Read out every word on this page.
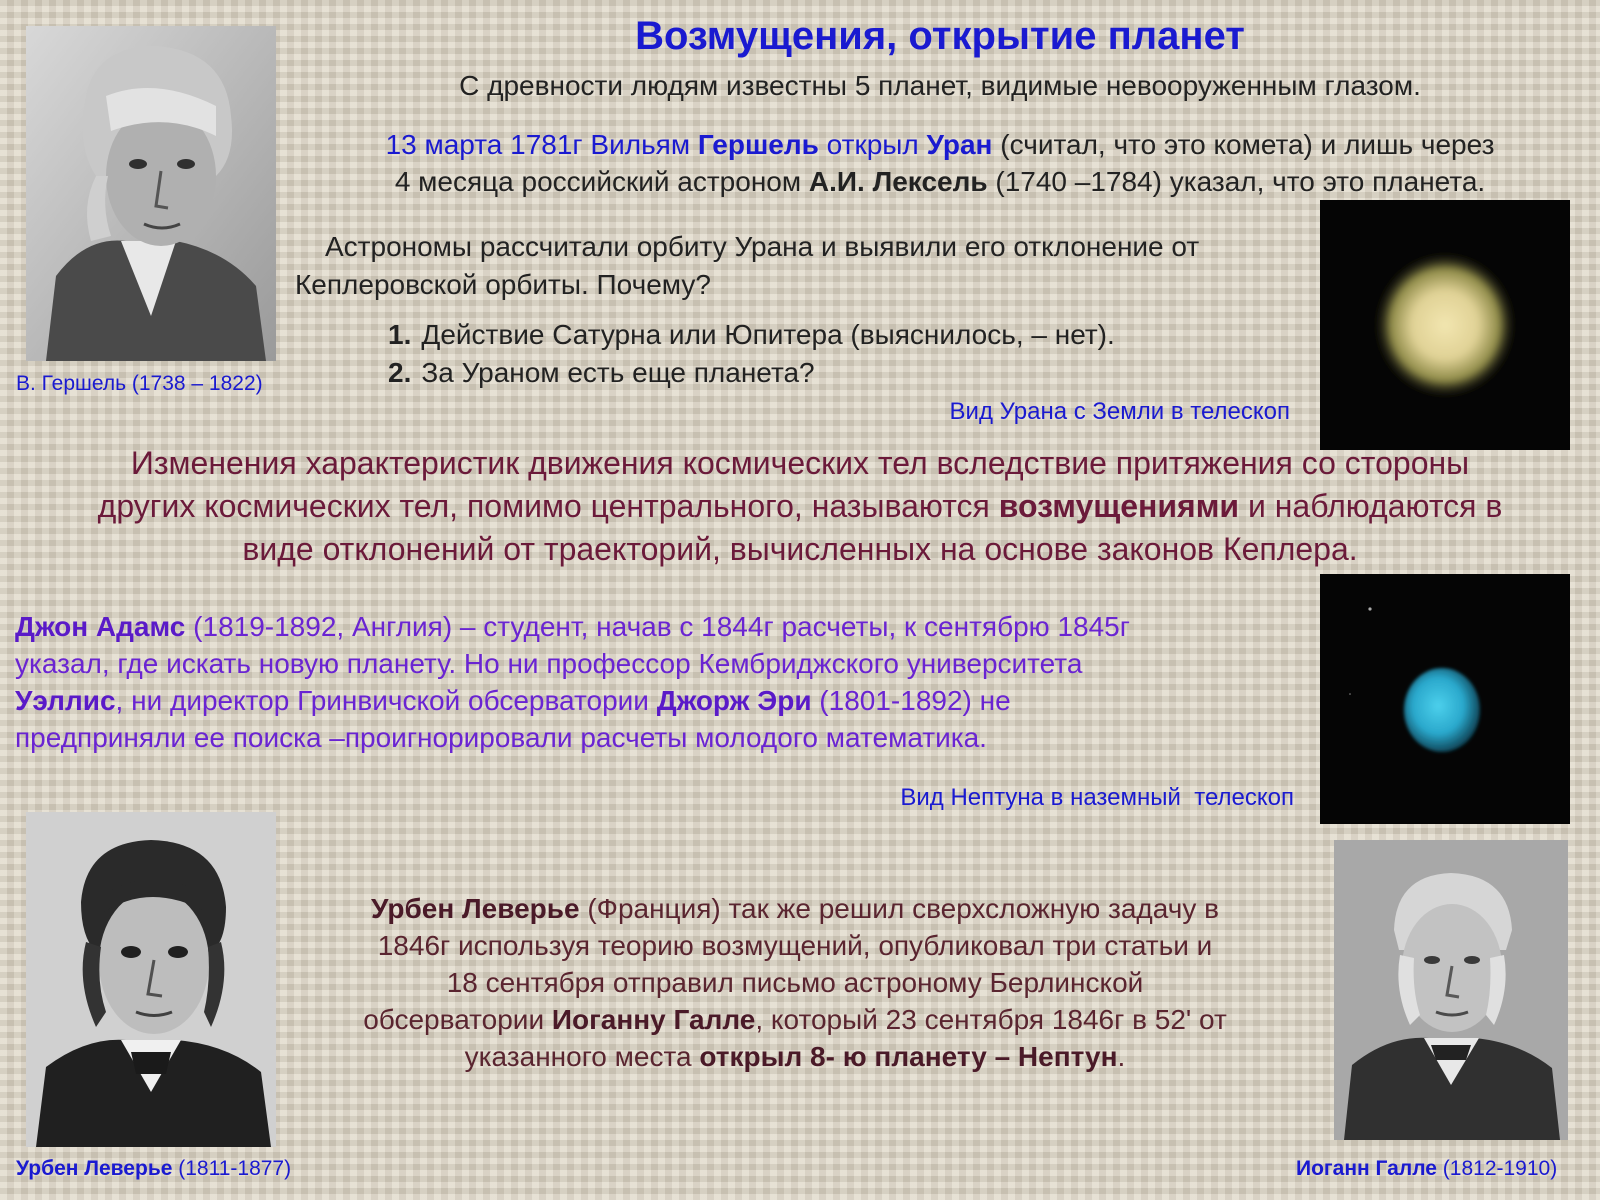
Возмущения, открытие планет
С древности людям известны 5 планет, видимые невооруженным глазом.
13 марта 1781г Вильям Гершель открыл Уран (считал, что это комета) и лишь через
4 месяца российский астроном А.И. Лексель (1740 –1784) указал, что это планета.
Астрономы рассчитали орбиту Урана и выявили его отклонение от
Кеплеровской орбиты. Почему?
1. Действие Сатурна или Юпитера (выяснилось, – нет).
2. За Ураном есть еще планета?
Вид Урана с Земли в телескоп
Изменения характеристик движения космических тел вследствие притяжения со стороны
других космических тел, помимо центрального, называются возмущениями и наблюдаются в
виде отклонений от траекторий, вычисленных на основе законов Кеплера.
Джон Адамс (1819-1892, Англия) – студент, начав с 1844г расчеты, к сентябрю 1845г
указал, где искать новую планету. Но ни профессор Кембриджского университета
Уэллис, ни директор Гринвичской обсерватории Джорж Эри (1801-1892) не
предприняли ее поиска –проигнорировали расчеты молодого математика.
Вид Нептуна в наземный  телескоп
Урбен Леверье (Франция) так же решил сверхсложную задачу в
1846г используя теорию возмущений, опубликовал три статьи и
18 сентября отправил письмо астроному Берлинской
обсерватории Иоганну Галле, который 23 сентября 1846г в 52' от
указанного места открыл 8- ю планету – Нептун.
В. Гершель (1738 – 1822)
Урбен Леверье (1811-1877)	Иоганн Галле (1812-1910)
